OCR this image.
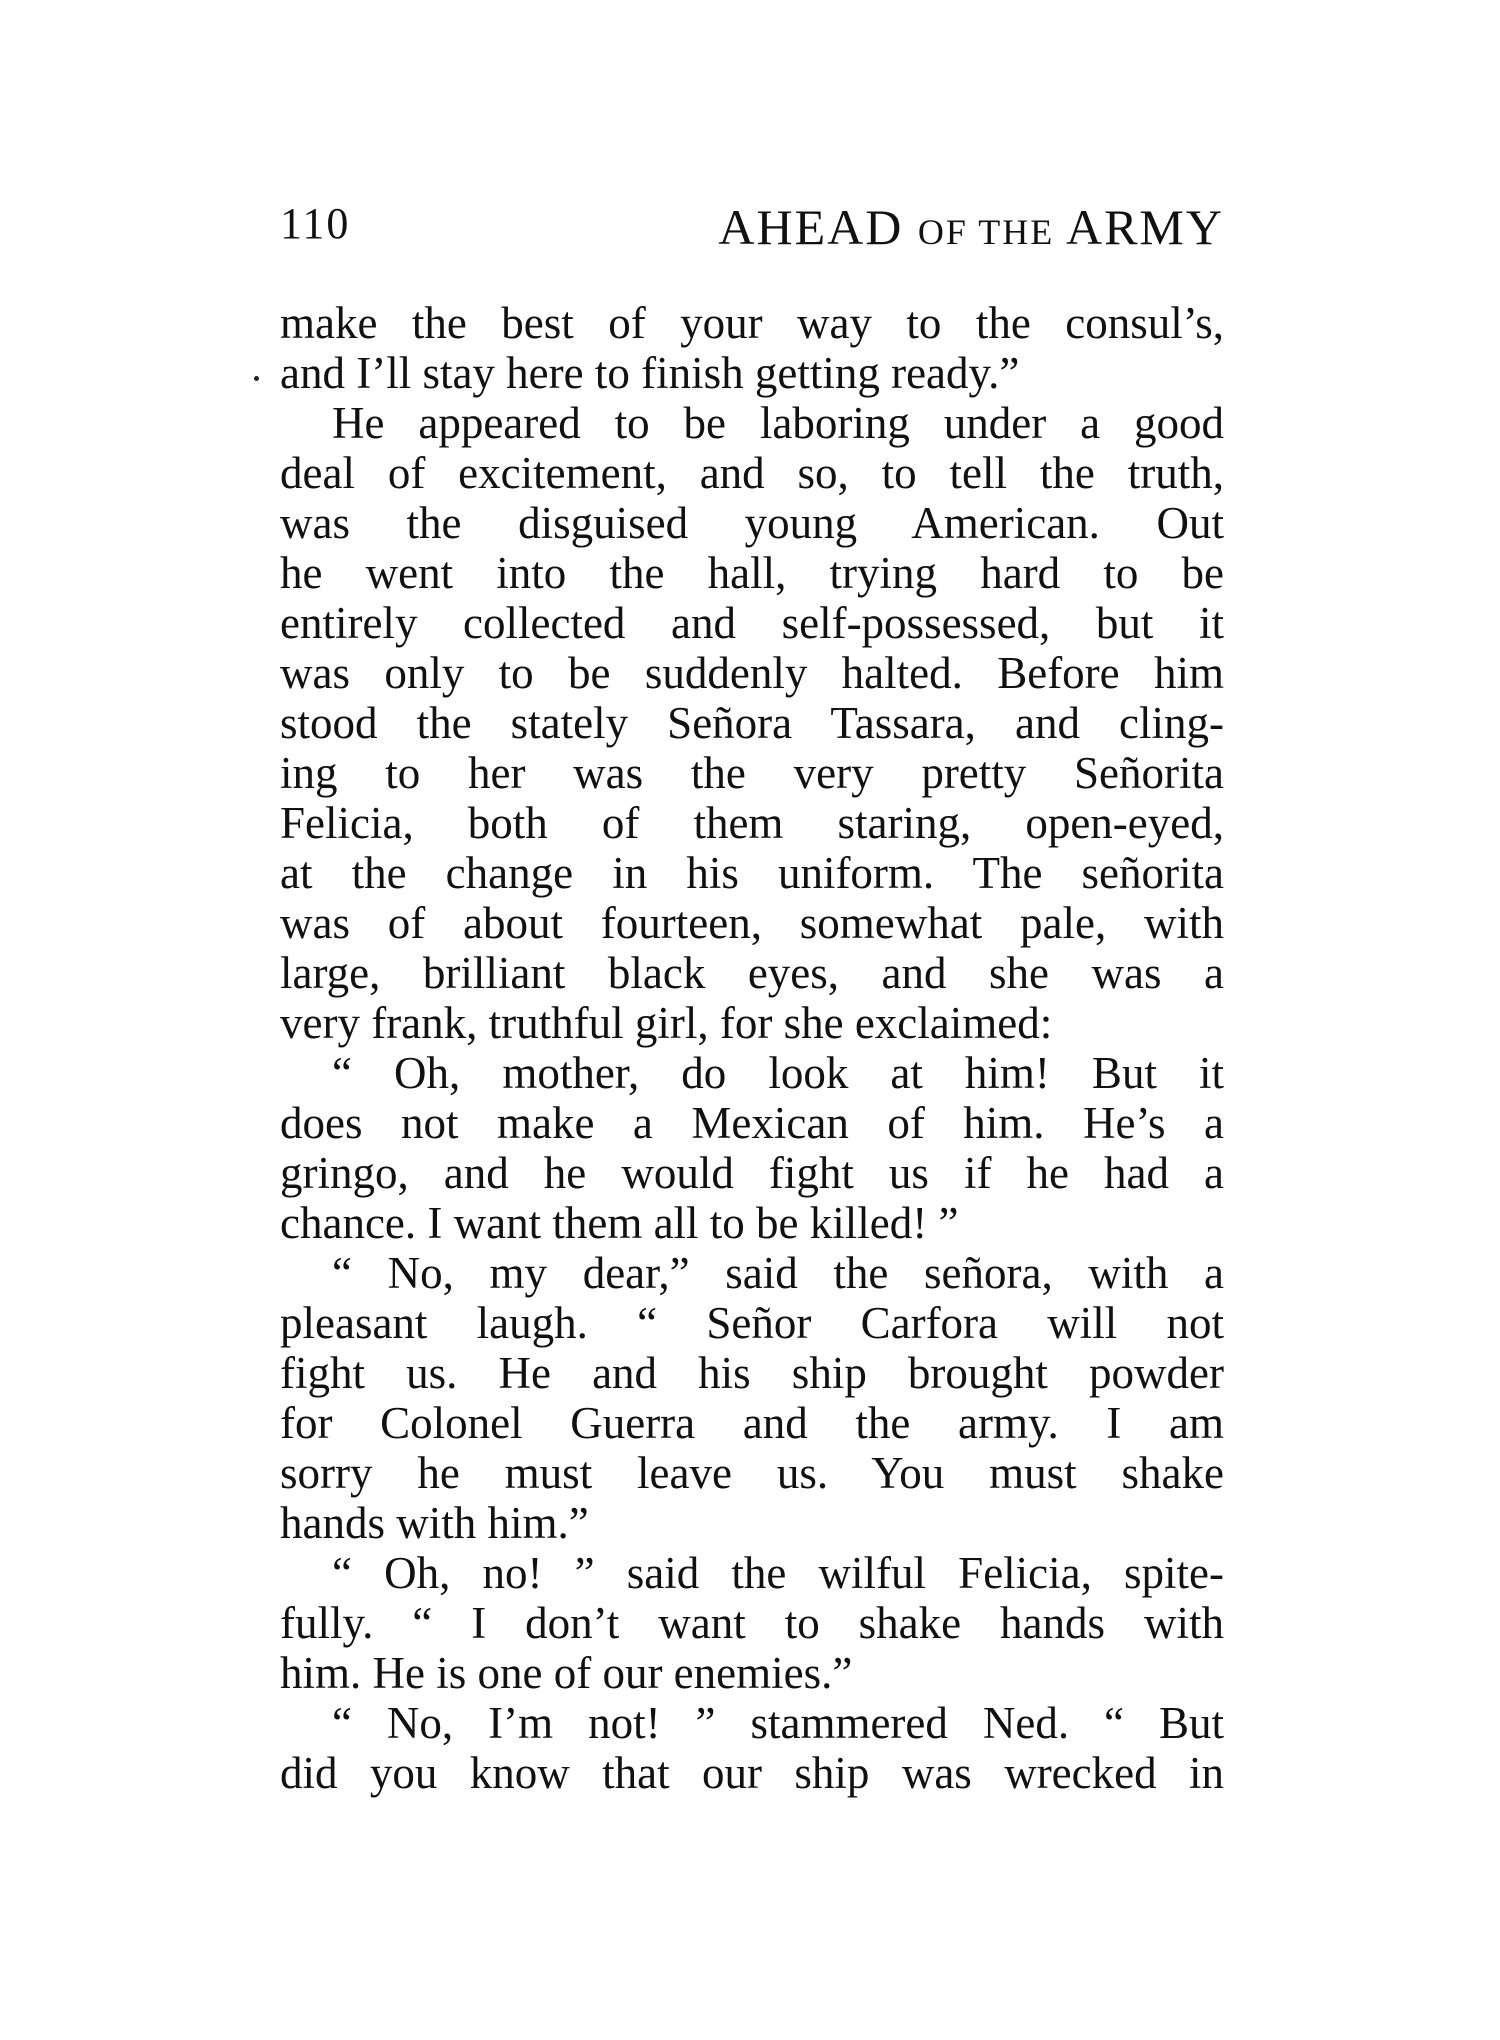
110	AHEAD OF THE ARMY
make the best of your way to the consul’s,
and I’ll stay here to finish getting ready.”
He appeared to be laboring under a good
deal of excitement, and so, to tell the truth,
was the disguised young American. Out
he went into the hall, trying hard to be
entirely collected and self-possessed, but it
was only to be suddenly halted. Before him
stood the stately Señora Tassara, and cling-
ing to her was the very pretty Señorita
Felicia, both of them staring, open-eyed,
at the change in his uniform. The señorita
was of about fourteen, somewhat pale, with
large, brilliant black eyes, and she was a
very frank, truthful girl, for she exclaimed:
“ Oh, mother, do look at him! But it
does not make a Mexican of him. He’s a
gringo, and he would fight us if he had a
chance. I want them all to be killed! ”
“ No, my dear,” said the señora, with a
pleasant laugh. “ Señor Carfora will not
fight us. He and his ship brought powder
for Colonel Guerra and the army. I am
sorry he must leave us. You must shake
hands with him.”
“ Oh, no! ” said the wilful Felicia, spite-
fully. “ I don’t want to shake hands with
him. He is one of our enemies.”
“ No, I’m not! ” stammered Ned. “ But
did you know that our ship was wrecked in
